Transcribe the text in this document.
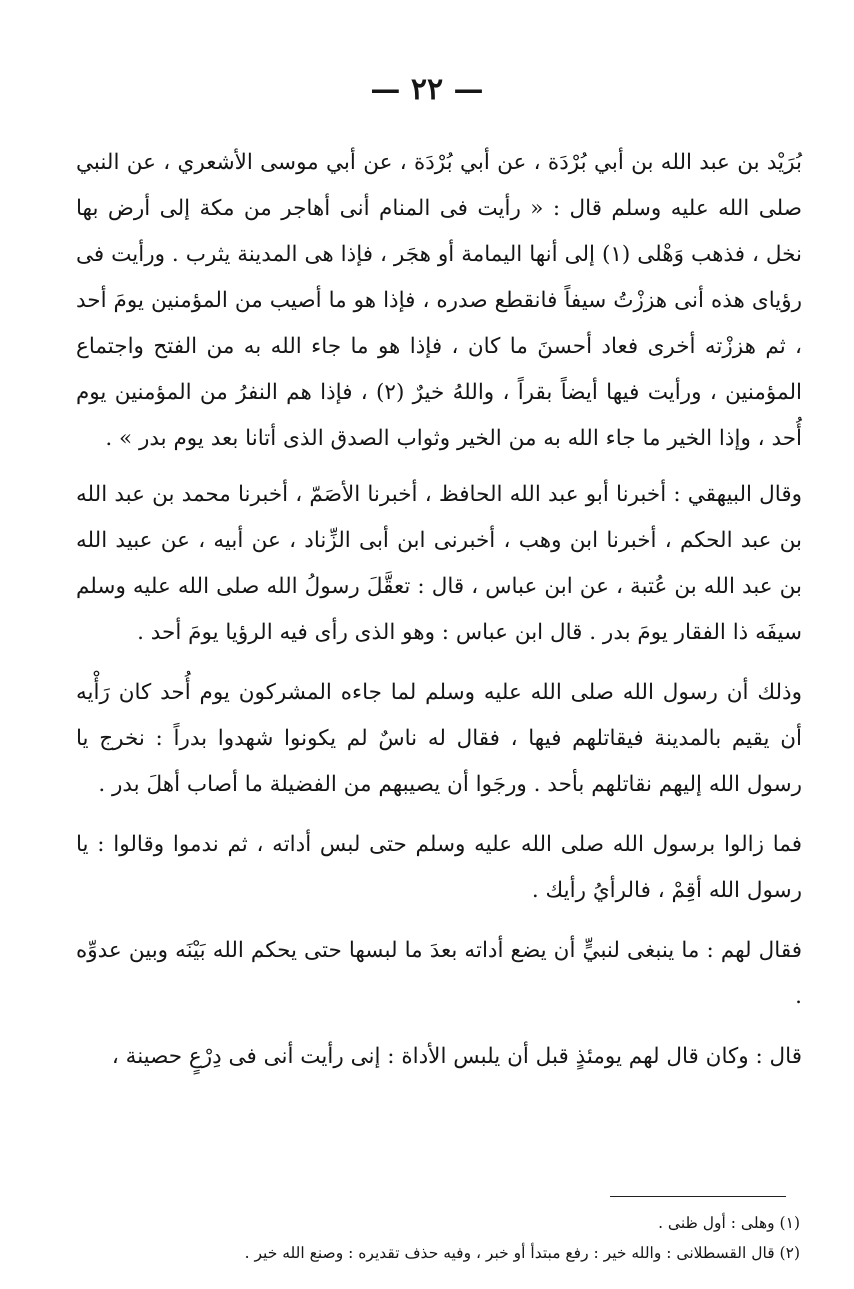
— ٢٢ —

بُرَيْد بن عبد الله بن أبي بُرْدَة ، عن أبي بُرْدَة ، عن أبي موسى الأشعري ، عن النبي صلى الله عليه وسلم قال : « رأيت فى المنام أنى أهاجر من مكة إلى أرض بها نخل ، فذهب وَهْلى (١) إلى أنها اليمامة أو هجَر ، فإذا هى المدينة يثرب . ورأيت فى رؤياى هذه أنى هززْتُ سيفاً فانقطع صدره ، فإذا هو ما أصيب من المؤمنين يومَ أحد ، ثم هززْته أخرى فعاد أحسنَ ما كان ، فإذا هو ما جاء الله به من الفتح واجتماع المؤمنين ، ورأيت فيها أيضاً بقراً ، واللهُ خيرٌ (٢) ، فإذا هم النفرُ من المؤمنين يوم أُحد ، وإذا الخير ما جاء الله به من الخير وثواب الصدق الذى أتانا بعد يوم بدر » .

وقال البيهقي : أخبرنا أبو عبد الله الحافظ ، أخبرنا الأصَمّ ، أخبرنا محمد بن عبد الله بن عبد الحكم ، أخبرنا ابن وهب ، أخبرنى ابن أبى الزِّناد ، عن أبيه ، عن عبيد الله بن عبد الله بن عُتبة ، عن ابن عباس ، قال : تعقَّلَ رسولُ الله صلى الله عليه وسلم سيفَه ذا الفقار يومَ بدر . قال ابن عباس : وهو الذى رأى فيه الرؤيا يومَ أحد .

وذلك أن رسول الله صلى الله عليه وسلم لما جاءه المشركون يوم أُحد كان رَأْيه أن يقيم بالمدينة فيقاتلهم فيها ، فقال له ناسٌ لم يكونوا شهدوا بدراً : نخرج يا رسول الله إليهم نقاتلهم بأحد . ورجَوا أن يصيبهم من الفضيلة ما أصاب أهلَ بدر .

فما زالوا برسول الله صلى الله عليه وسلم حتى لبس أداته ، ثم ندموا وقالوا : يا رسول الله أقِمْ ، فالرأيُ رأيك .

فقال لهم : ما ينبغى لنبيٍّ أن يضع أداته بعدَ ما لبسها حتى يحكم الله بَيْنَه وبين عدوِّه .

قال : وكان قال لهم يومئذٍ قبل أن يلبس الأداة : إنى رأيت أنى فى دِرْعٍ حصينة ،

(١) وهلى : أول ظنى .
(٢) قال القسطلانى : والله خير : رفع مبتدأ أو خبر ، وفيه حذف تقديره : وصنع الله خير .
